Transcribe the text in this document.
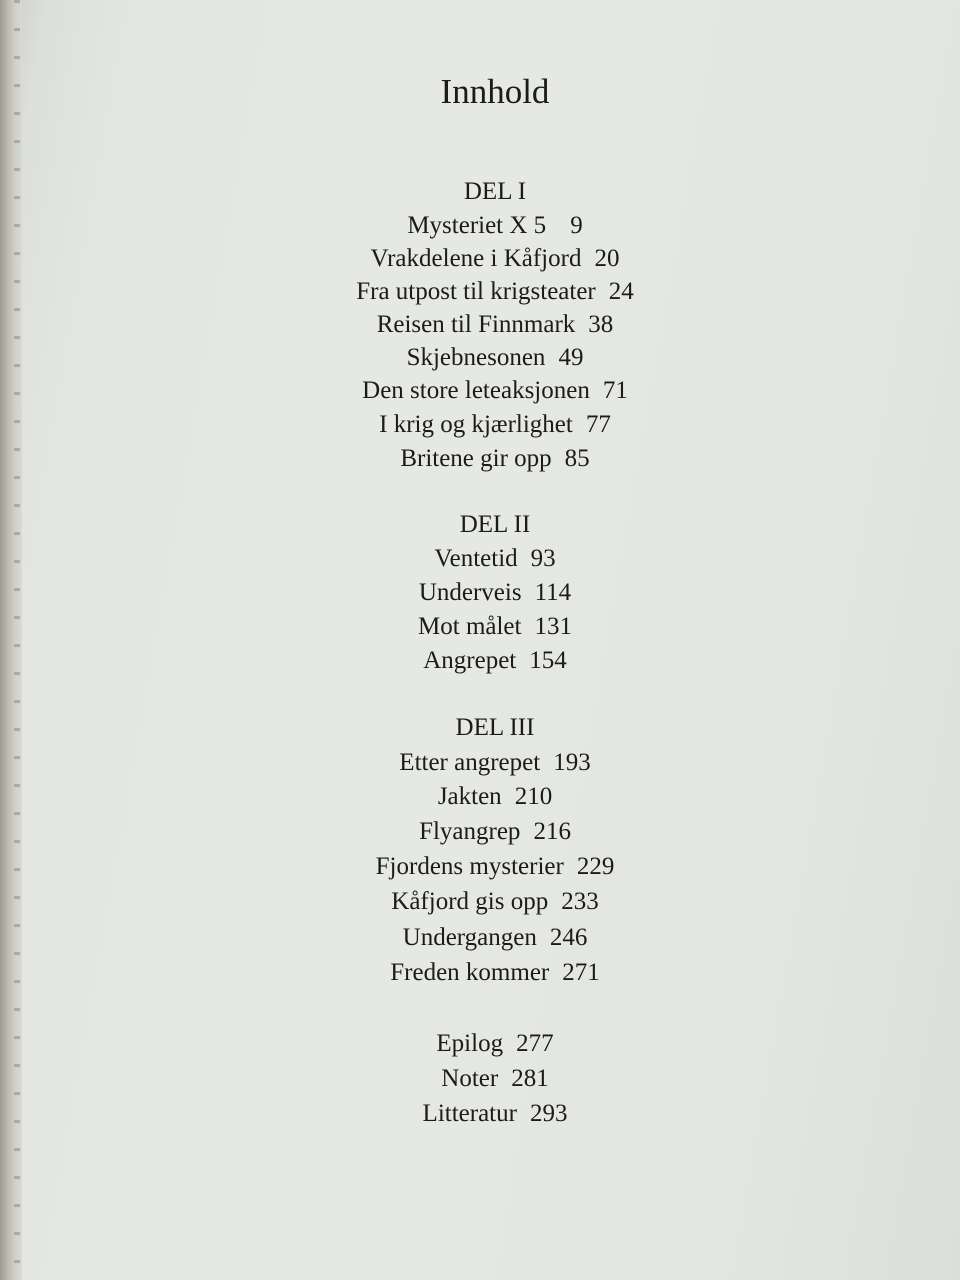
Innhold
DEL I
Mysteriet X 5 9
Vrakdelene i Kåfjord 20
Fra utpost til krigsteater 24
Reisen til Finnmark 38
Skjebnesonen 49
Den store leteaksjonen 71
I krig og kjærlighet 77
Britene gir opp 85
DEL II
Ventetid 93
Underveis 114
Mot målet 131
Angrepet 154
DEL III
Etter angrepet 193
Jakten 210
Flyangrep 216
Fjordens mysterier 229
Kåfjord gis opp 233
Undergangen 246
Freden kommer 271
Epilog 277
Noter 281
Litteratur 293
